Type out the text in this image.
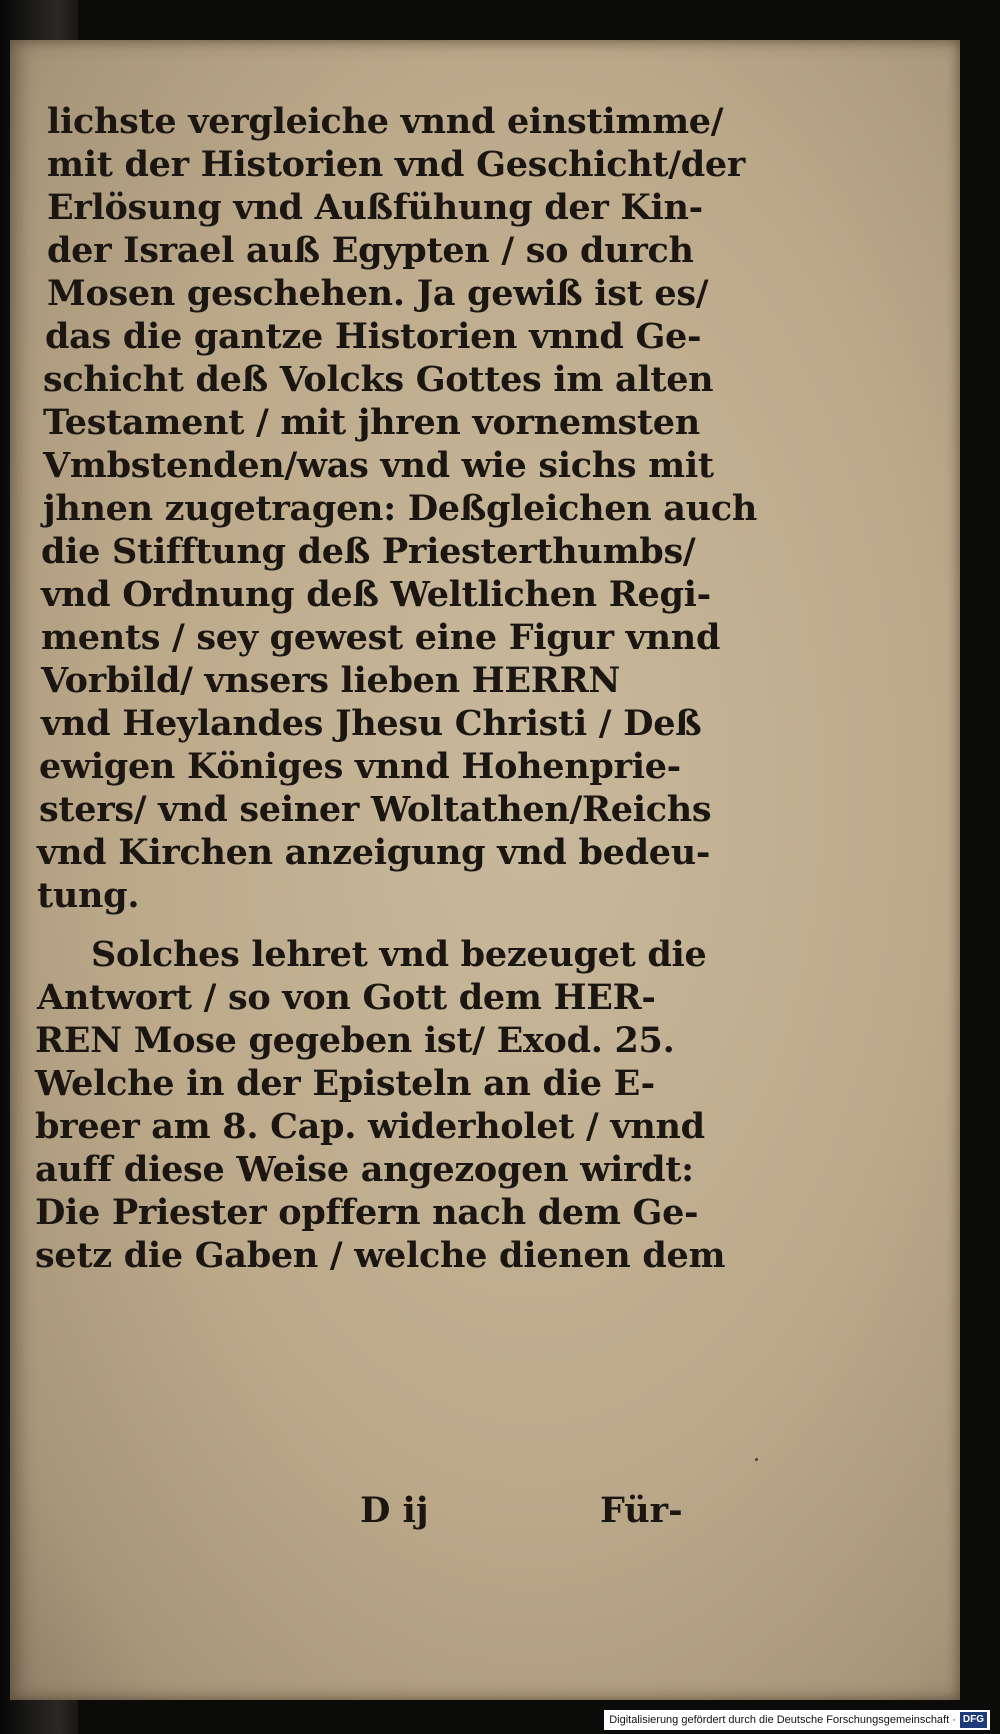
lichste vergleiche vnnd einstimme/
mit der Historien vnd Geschicht/der
Erlösung vnd Außfühung der Kin-
der Israel auß Egypten / so durch
Mosen geschehen. Ja gewiß ist es/
das die gantze Historien vnnd Ge-
schicht deß Volcks Gottes im alten
Testament / mit jhren vornemsten
Vmbstenden/was vnd wie sichs mit
jhnen zugetragen: Deßgleichen auch
die Stifftung deß Priesterthumbs/
vnd Ordnung deß Weltlichen Regi-
ments / sey gewest eine Figur vnnd
Vorbild/ vnsers lieben HERRN
vnd Heylandes Jhesu Christi / Deß
ewigen Königes vnnd Hohenprie-
sters/ vnd seiner Woltathen/Reichs
vnd Kirchen anzeigung vnd bedeu-
tung.
Solches lehret vnd bezeuget die
Antwort / so von Gott dem HER-
REN Mose gegeben ist/ Exod. 25.
Welche in der Episteln an die E-
breer am 8. Cap. widerholet / vnnd
auff diese Weise angezogen wirdt:
Die Priester opffern nach dem Ge-
setz die Gaben / welche dienen dem
D ij	Für-
Digitalisierung gefördert durch die Deutsche Forschungsgemeinschaft · DFG
